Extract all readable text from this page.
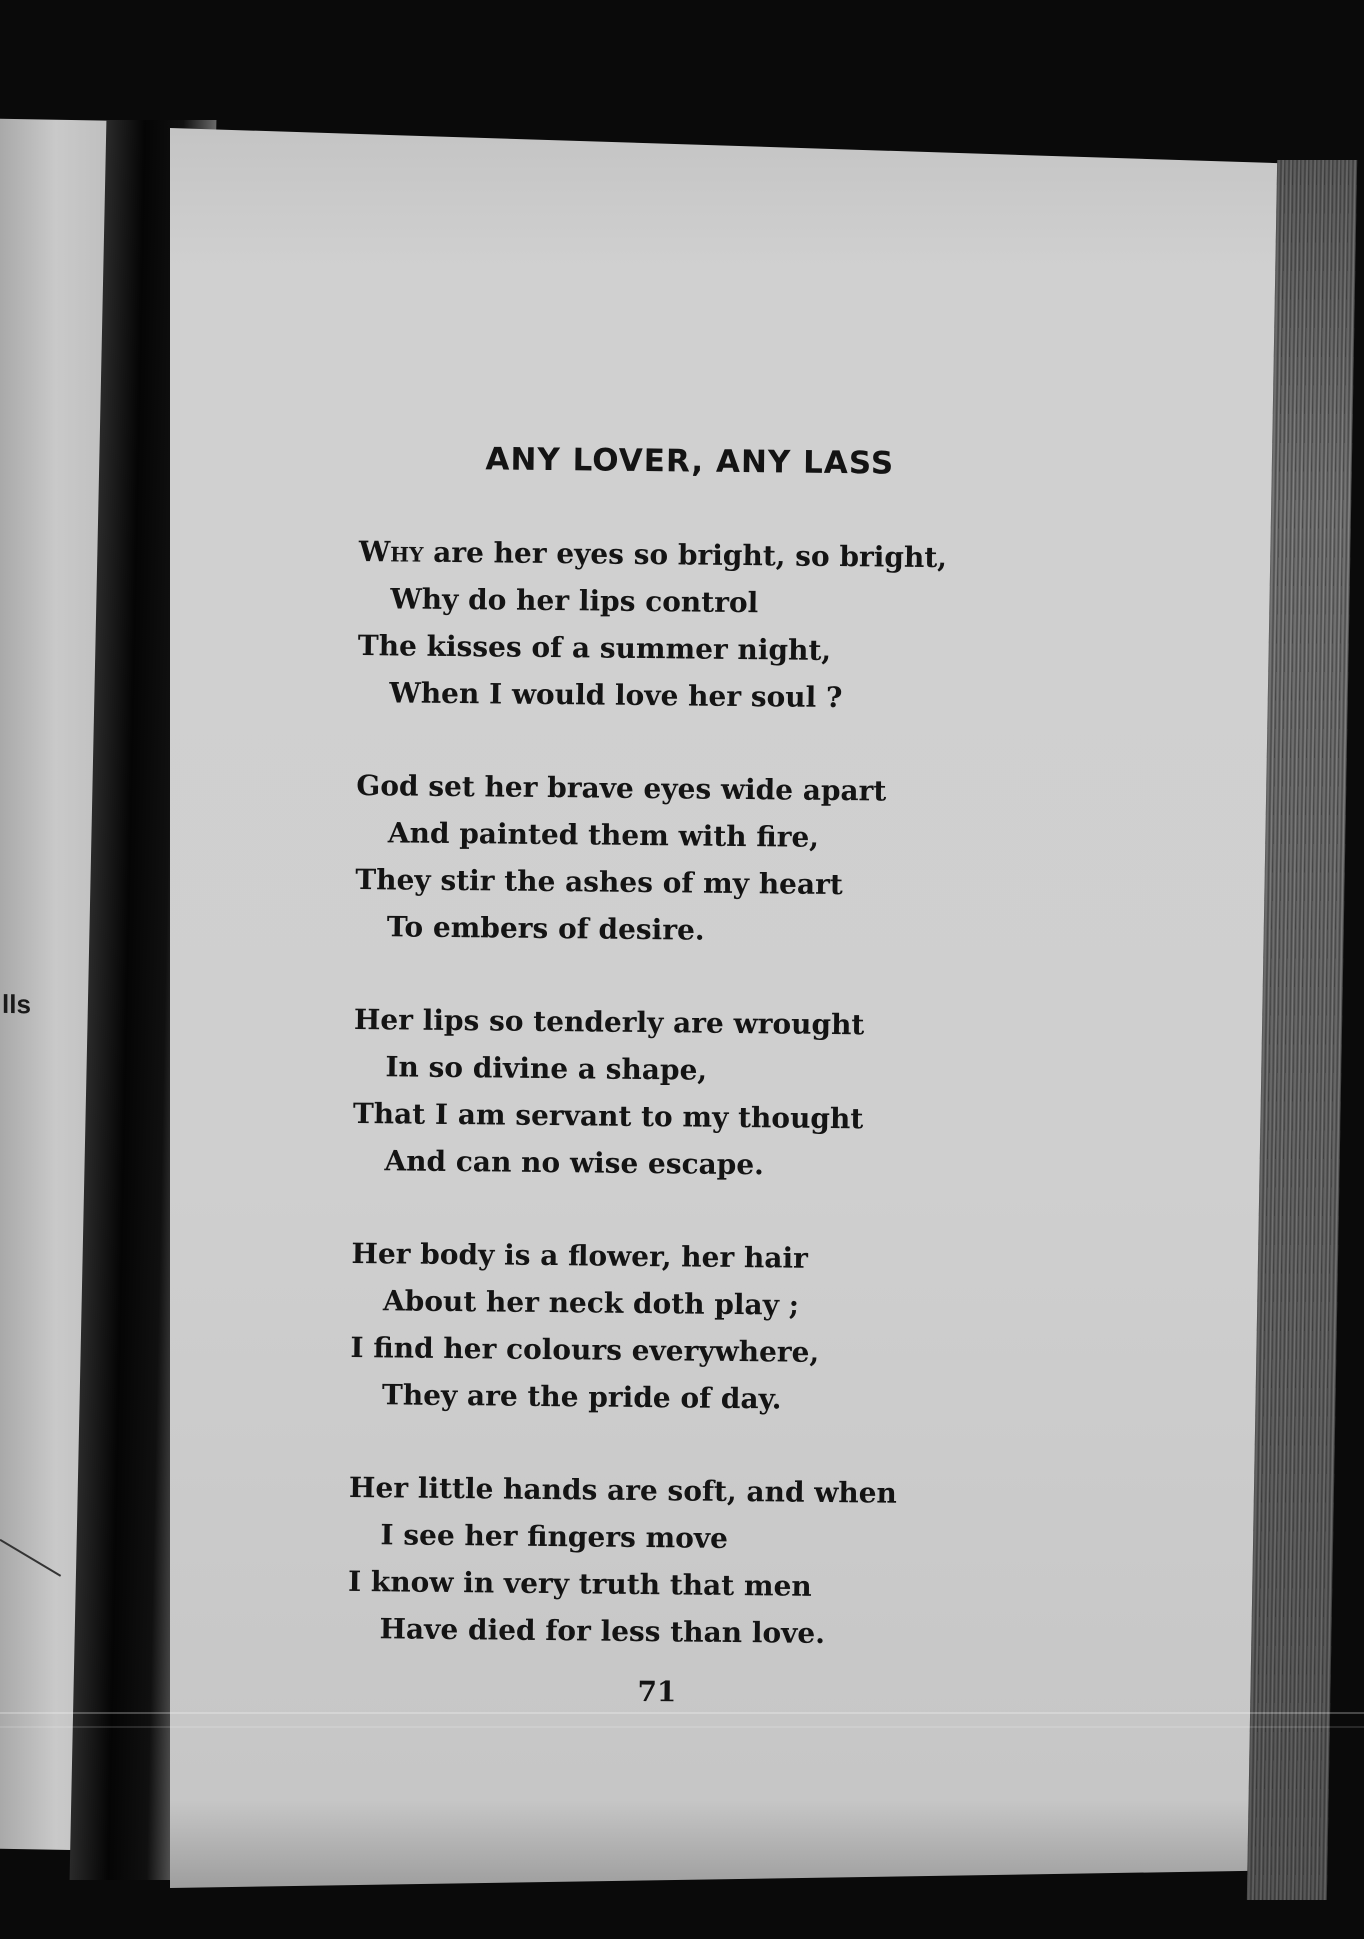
lls
ANY LOVER, ANY LASS
Why are her eyes so bright, so bright,
Why do her lips control
The kisses of a summer night,
When I would love her soul ?
God set her brave eyes wide apart
And painted them with fire,
They stir the ashes of my heart
To embers of desire.
Her lips so tenderly are wrought
In so divine a shape,
That I am servant to my thought
And can no wise escape.
Her body is a flower, her hair
About her neck doth play ;
I find her colours everywhere,
They are the pride of day.
Her little hands are soft, and when
I see her fingers move
I know in very truth that men
Have died for less than love.
71
